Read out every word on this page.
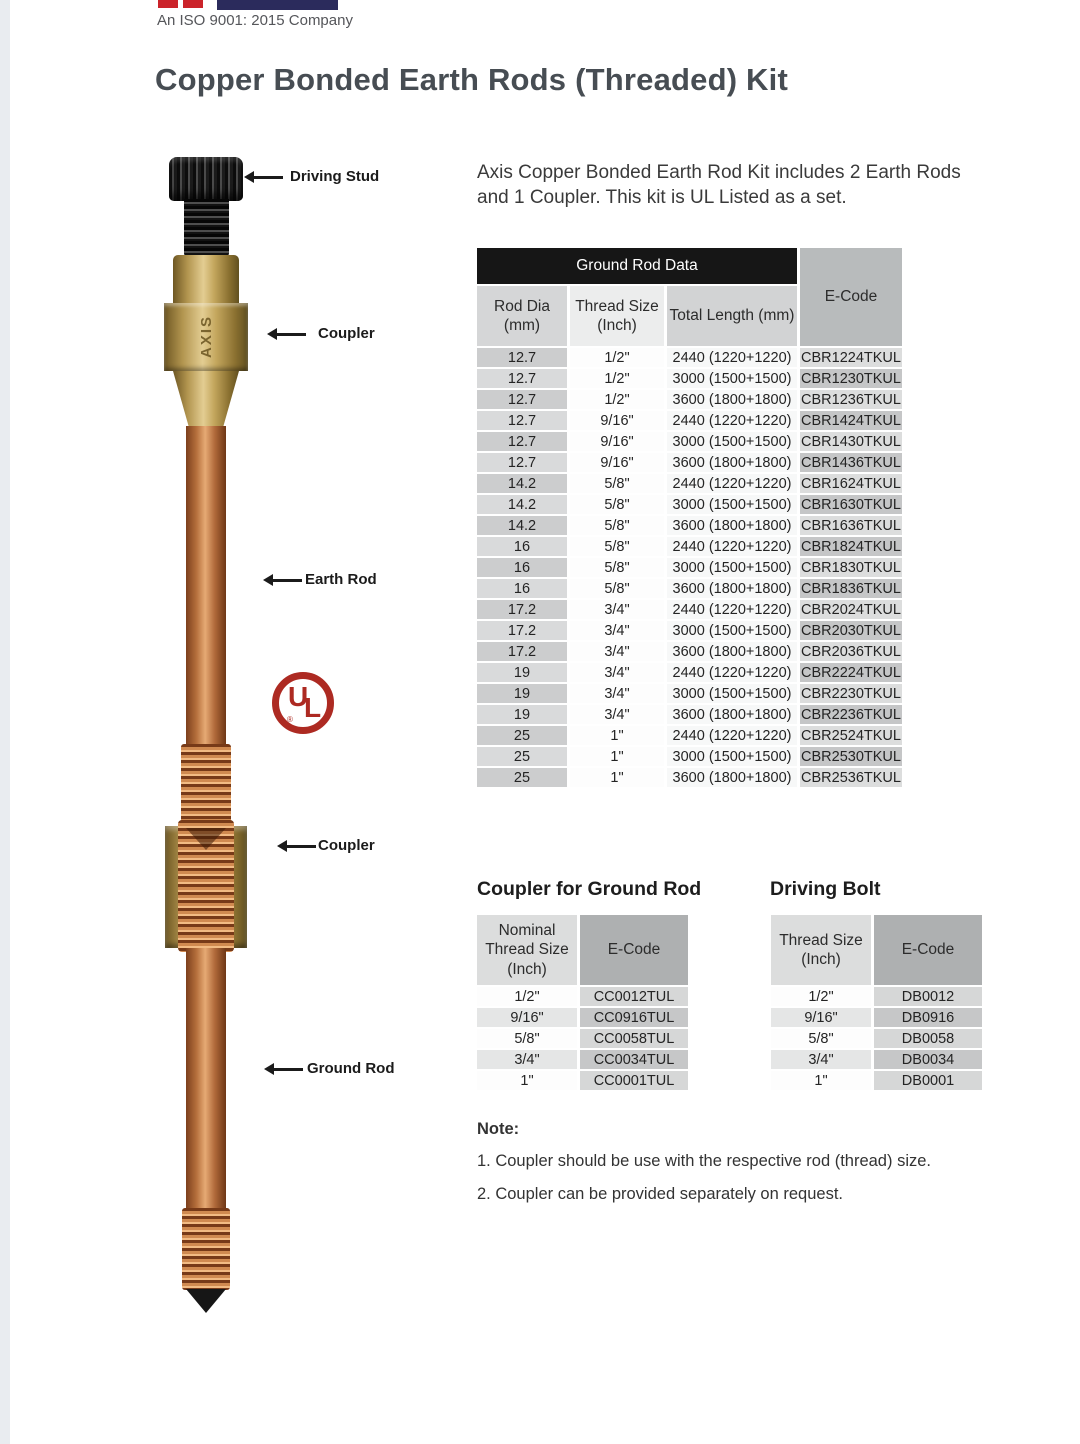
An ISO 9001: 2015 Company
Copper Bonded Earth Rods (Threaded) Kit
AXIS
Driving Stud
Coupler
Earth Rod
U
L
®
Coupler
Ground Rod

Axis Copper Bonded Earth Rod Kit includes 2 Earth Rods and 1 Coupler. This kit is UL Listed as a set.

Ground Rod Data			E-Code
Rod Dia (mm)	Thread Size (Inch)	Total Length (mm)	
12.7	1/2"	2440 (1220+1220)	CBR1224TKUL
12.7	1/2"	3000 (1500+1500)	CBR1230TKUL
12.7	1/2"	3600 (1800+1800)	CBR1236TKUL
12.7	9/16"	2440 (1220+1220)	CBR1424TKUL
12.7	9/16"	3000 (1500+1500)	CBR1430TKUL
12.7	9/16"	3600 (1800+1800)	CBR1436TKUL
14.2	5/8"	2440 (1220+1220)	CBR1624TKUL
14.2	5/8"	3000 (1500+1500)	CBR1630TKUL
14.2	5/8"	3600 (1800+1800)	CBR1636TKUL
16	5/8"	2440 (1220+1220)	CBR1824TKUL
16	5/8"	3000 (1500+1500)	CBR1830TKUL
16	5/8"	3600 (1800+1800)	CBR1836TKUL
17.2	3/4"	2440 (1220+1220)	CBR2024TKUL
17.2	3/4"	3000 (1500+1500)	CBR2030TKUL
17.2	3/4"	3600 (1800+1800)	CBR2036TKUL
19	3/4"	2440 (1220+1220)	CBR2224TKUL
19	3/4"	3000 (1500+1500)	CBR2230TKUL
19	3/4"	3600 (1800+1800)	CBR2236TKUL
25	1"	2440 (1220+1220)	CBR2524TKUL
25	1"	3000 (1500+1500)	CBR2530TKUL
25	1"	3600 (1800+1800)	CBR2536TKUL
Coupler for Ground Rod
Nominal Thread Size (Inch)	E-Code
1/2"	CC0012TUL
9/16"	CC0916TUL
5/8"	CC0058TUL
3/4"	CC0034TUL
1"	CC0001TUL
Driving Bolt
Thread Size (Inch)	E-Code
1/2"	DB0012
9/16"	DB0916
5/8"	DB0058
3/4"	DB0034
1"	DB0001
Note:
1. Coupler should be use with the respective rod (thread) size.
2. Coupler can be provided separately on request.
